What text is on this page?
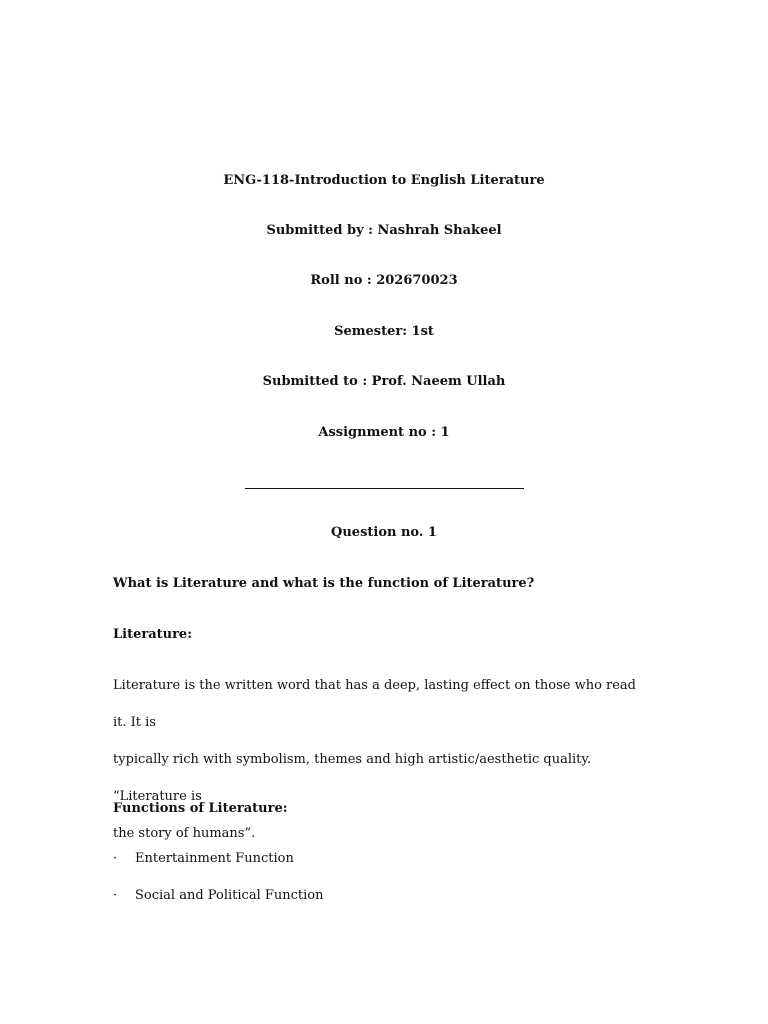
ENG-118-Introduction to English Literature
Submitted by : Nashrah Shakeel
Roll no : 202670023
Semester: 1st
Submitted to : Prof. Naeem Ullah
Assignment no : 1
Question no. 1
What is Literature and what is the function of Literature?
Literature:

Literature is the written word that has a deep, lasting effect on those who read it. It is

typically rich with symbolism, themes and high artistic/aesthetic quality. “Literature is

the story of humans”.

Functions of Literature:
·	Entertainment Function
·	Social and Political Function
